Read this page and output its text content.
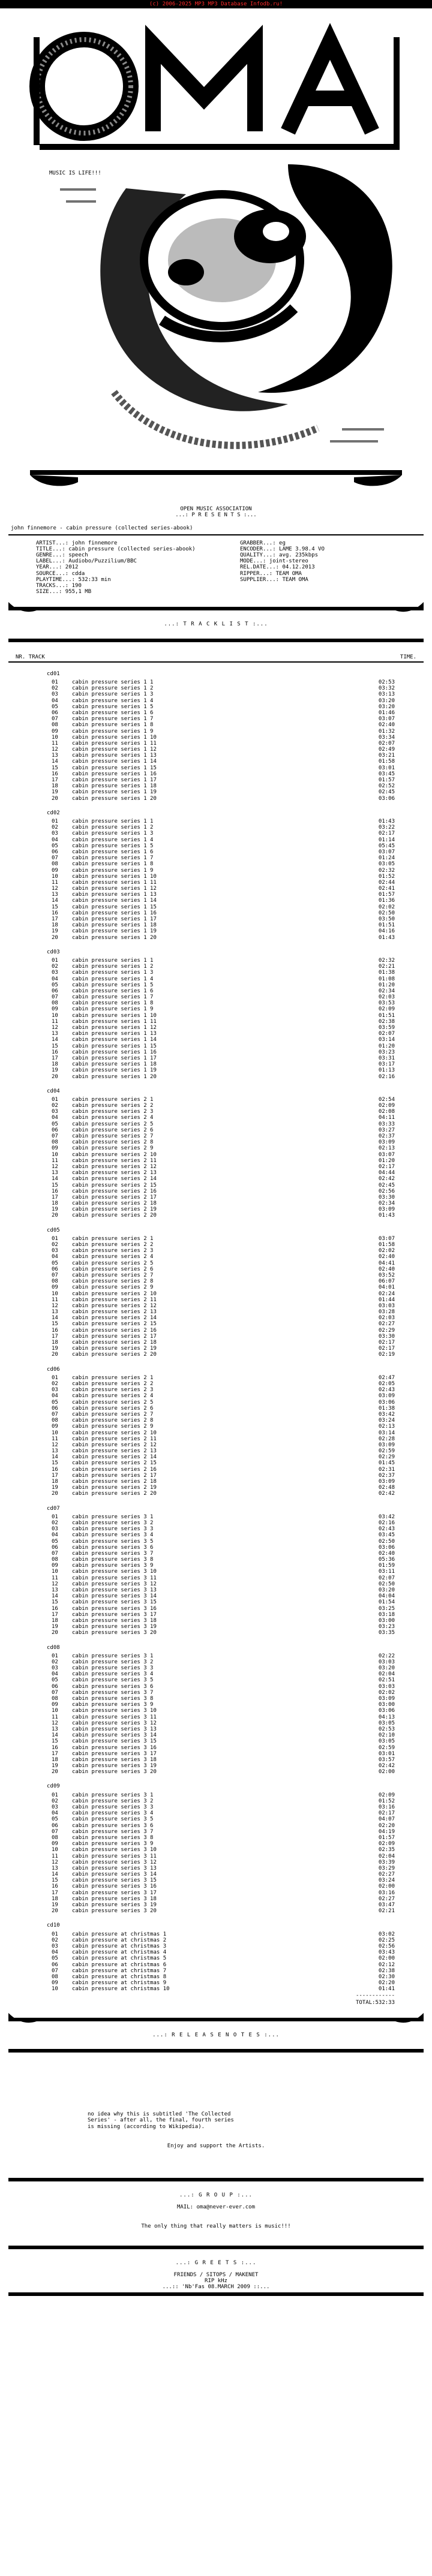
(c) 2006-2025 MP3 MP3 Database Infodb.ru!
MUSIC IS LIFE!!!
OPEN MUSIC ASSOCIATION
...: P R E S E N T S :...
john finnemore - cabin pressure (collected series-abook)
ARTIST...: john finnemore
TITLE...: cabin pressure (collected series-abook)
GENRE...: speech
LABEL...: Audiobo/Puzzilium/BBC
YEAR...: 2012
SOURCE...: cdda
PLAYTIME...: 532:33 min
TRACKS...: 190
SIZE...: 955,1 MB
GRABBER...: eg
ENCODER...: LAME 3.98.4 VO
QUALITY...: avg. 235kbps
MODE...: joint-stereo
REL.DATE...: 04.12.2013
RIPPER...: TEAM OMA
SUPPLIER...: TEAM OMA
...: T R A C K L I S T :...
NR. TRACK	TIME.
cd01
01	cabin pressure series 1 1	02:53
02	cabin pressure series 1 2	03:32
03	cabin pressure series 1 3	03:13
04	cabin pressure series 1 4	03:20
05	cabin pressure series 1 5	03:20
06	cabin pressure series 1 6	01:46
07	cabin pressure series 1 7	03:07
08	cabin pressure series 1 8	02:40
09	cabin pressure series 1 9	01:32
10	cabin pressure series 1 10	03:34
11	cabin pressure series 1 11	02:07
12	cabin pressure series 1 12	02:49
13	cabin pressure series 1 13	03:21
14	cabin pressure series 1 14	01:58
15	cabin pressure series 1 15	03:01
16	cabin pressure series 1 16	03:45
17	cabin pressure series 1 17	01:57
18	cabin pressure series 1 18	02:52
19	cabin pressure series 1 19	02:45
20	cabin pressure series 1 20	03:06
cd02
01	cabin pressure series 1 1	01:43
02	cabin pressure series 1 2	03:22
03	cabin pressure series 1 3	02:17
04	cabin pressure series 1 4	01:14
05	cabin pressure series 1 5	05:45
06	cabin pressure series 1 6	03:07
07	cabin pressure series 1 7	01:24
08	cabin pressure series 1 8	03:05
09	cabin pressure series 1 9	02:32
10	cabin pressure series 1 10	01:52
11	cabin pressure series 1 11	02:44
12	cabin pressure series 1 12	02:41
13	cabin pressure series 1 13	01:57
14	cabin pressure series 1 14	01:36
15	cabin pressure series 1 15	02:02
16	cabin pressure series 1 16	02:50
17	cabin pressure series 1 17	03:50
18	cabin pressure series 1 18	01:51
19	cabin pressure series 1 19	04:16
20	cabin pressure series 1 20	01:43
cd03
01	cabin pressure series 1 1	02:32
02	cabin pressure series 1 2	02:21
03	cabin pressure series 1 3	01:38
04	cabin pressure series 1 4	01:08
05	cabin pressure series 1 5	01:20
06	cabin pressure series 1 6	02:34
07	cabin pressure series 1 7	02:03
08	cabin pressure series 1 8	03:53
09	cabin pressure series 1 9	02:09
10	cabin pressure series 1 10	01:51
11	cabin pressure series 1 11	02:38
12	cabin pressure series 1 12	03:59
13	cabin pressure series 1 13	02:07
14	cabin pressure series 1 14	03:14
15	cabin pressure series 1 15	01:20
16	cabin pressure series 1 16	03:23
17	cabin pressure series 1 17	03:31
18	cabin pressure series 1 18	03:17
19	cabin pressure series 1 19	01:13
20	cabin pressure series 1 20	02:16
cd04
01	cabin pressure series 2 1	02:54
02	cabin pressure series 2 2	02:09
03	cabin pressure series 2 3	02:08
04	cabin pressure series 2 4	04:11
05	cabin pressure series 2 5	03:33
06	cabin pressure series 2 6	03:27
07	cabin pressure series 2 7	02:37
08	cabin pressure series 2 8	03:09
09	cabin pressure series 2 9	02:13
10	cabin pressure series 2 10	03:07
11	cabin pressure series 2 11	01:20
12	cabin pressure series 2 12	02:17
13	cabin pressure series 2 13	04:44
14	cabin pressure series 2 14	02:42
15	cabin pressure series 2 15	02:45
16	cabin pressure series 2 16	02:56
17	cabin pressure series 2 17	03:30
18	cabin pressure series 2 18	02:34
19	cabin pressure series 2 19	03:09
20	cabin pressure series 2 20	01:43
cd05
01	cabin pressure series 2 1	03:07
02	cabin pressure series 2 2	01:58
03	cabin pressure series 2 3	02:02
04	cabin pressure series 2 4	02:40
05	cabin pressure series 2 5	04:41
06	cabin pressure series 2 6	02:40
07	cabin pressure series 2 7	03:52
08	cabin pressure series 2 8	06:07
09	cabin pressure series 2 9	04:01
10	cabin pressure series 2 10	02:24
11	cabin pressure series 2 11	01:44
12	cabin pressure series 2 12	03:03
13	cabin pressure series 2 13	03:28
14	cabin pressure series 2 14	02:03
15	cabin pressure series 2 15	02:27
16	cabin pressure series 2 16	02:29
17	cabin pressure series 2 17	03:30
18	cabin pressure series 2 18	02:17
19	cabin pressure series 2 19	02:17
20	cabin pressure series 2 20	02:19
cd06
01	cabin pressure series 2 1	02:47
02	cabin pressure series 2 2	02:05
03	cabin pressure series 2 3	02:43
04	cabin pressure series 2 4	03:09
05	cabin pressure series 2 5	03:06
06	cabin pressure series 2 6	01:38
07	cabin pressure series 2 7	03:42
08	cabin pressure series 2 8	03:24
09	cabin pressure series 2 9	02:13
10	cabin pressure series 2 10	03:14
11	cabin pressure series 2 11	02:28
12	cabin pressure series 2 12	03:09
13	cabin pressure series 2 13	02:59
14	cabin pressure series 2 14	02:29
15	cabin pressure series 2 15	01:45
16	cabin pressure series 2 16	02:31
17	cabin pressure series 2 17	02:37
18	cabin pressure series 2 18	03:09
19	cabin pressure series 2 19	02:48
20	cabin pressure series 2 20	02:42
cd07
01	cabin pressure series 3 1	03:42
02	cabin pressure series 3 2	02:16
03	cabin pressure series 3 3	02:43
04	cabin pressure series 3 4	03:45
05	cabin pressure series 3 5	02:50
06	cabin pressure series 3 6	03:06
07	cabin pressure series 3 7	02:40
08	cabin pressure series 3 8	05:36
09	cabin pressure series 3 9	01:59
10	cabin pressure series 3 10	03:11
11	cabin pressure series 3 11	02:07
12	cabin pressure series 3 12	02:50
13	cabin pressure series 3 13	03:20
14	cabin pressure series 3 14	04:04
15	cabin pressure series 3 15	01:54
16	cabin pressure series 3 16	03:25
17	cabin pressure series 3 17	03:18
18	cabin pressure series 3 18	03:00
19	cabin pressure series 3 19	03:23
20	cabin pressure series 3 20	03:35
cd08
01	cabin pressure series 3 1	02:22
02	cabin pressure series 3 2	03:03
03	cabin pressure series 3 3	03:20
04	cabin pressure series 3 4	02:04
05	cabin pressure series 3 5	02:51
06	cabin pressure series 3 6	03:03
07	cabin pressure series 3 7	02:02
08	cabin pressure series 3 8	03:09
09	cabin pressure series 3 9	03:00
10	cabin pressure series 3 10	03:06
11	cabin pressure series 3 11	04:13
12	cabin pressure series 3 12	03:05
13	cabin pressure series 3 13	02:53
14	cabin pressure series 3 14	02:10
15	cabin pressure series 3 15	03:05
16	cabin pressure series 3 16	02:59
17	cabin pressure series 3 17	03:01
18	cabin pressure series 3 18	03:57
19	cabin pressure series 3 19	02:42
20	cabin pressure series 3 20	02:00
cd09
01	cabin pressure series 3 1	02:09
02	cabin pressure series 3 2	01:52
03	cabin pressure series 3 3	03:16
04	cabin pressure series 3 4	02:17
05	cabin pressure series 3 5	04:07
06	cabin pressure series 3 6	02:20
07	cabin pressure series 3 7	04:19
08	cabin pressure series 3 8	01:57
09	cabin pressure series 3 9	02:09
10	cabin pressure series 3 10	02:35
11	cabin pressure series 3 11	02:04
12	cabin pressure series 3 12	03:39
13	cabin pressure series 3 13	03:29
14	cabin pressure series 3 14	02:27
15	cabin pressure series 3 15	03:24
16	cabin pressure series 3 16	02:00
17	cabin pressure series 3 17	03:16
18	cabin pressure series 3 18	02:27
19	cabin pressure series 3 19	03:47
20	cabin pressure series 3 20	02:21
cd10
01	cabin pressure at christmas 1	03:02
02	cabin pressure at christmas 2	02:25
03	cabin pressure at christmas 3	02:56
04	cabin pressure at christmas 4	03:43
05	cabin pressure at christmas 5	02:00
06	cabin pressure at christmas 6	02:12
07	cabin pressure at christmas 7	02:38
08	cabin pressure at christmas 8	02:30
09	cabin pressure at christmas 9	02:20
10	cabin pressure at christmas 10	01:41
------------
TOTAL:532:33
...: R E L E A S E N O T E S :...
no idea why this is subtitled 'The Collected
Series' - after all, the final, fourth series
is missing (according to Wikipedia).
Enjoy and support the Artists.
...: G R O U P :...
MAIL: oma@never-ever.com
The only thing that really matters is music!!!
...: G R E E T S :...
FRIENDS / SITOPS / MAKENET
RIP kHz
...:: 'Nb'Fas 08.MARCH 2009 ::...
